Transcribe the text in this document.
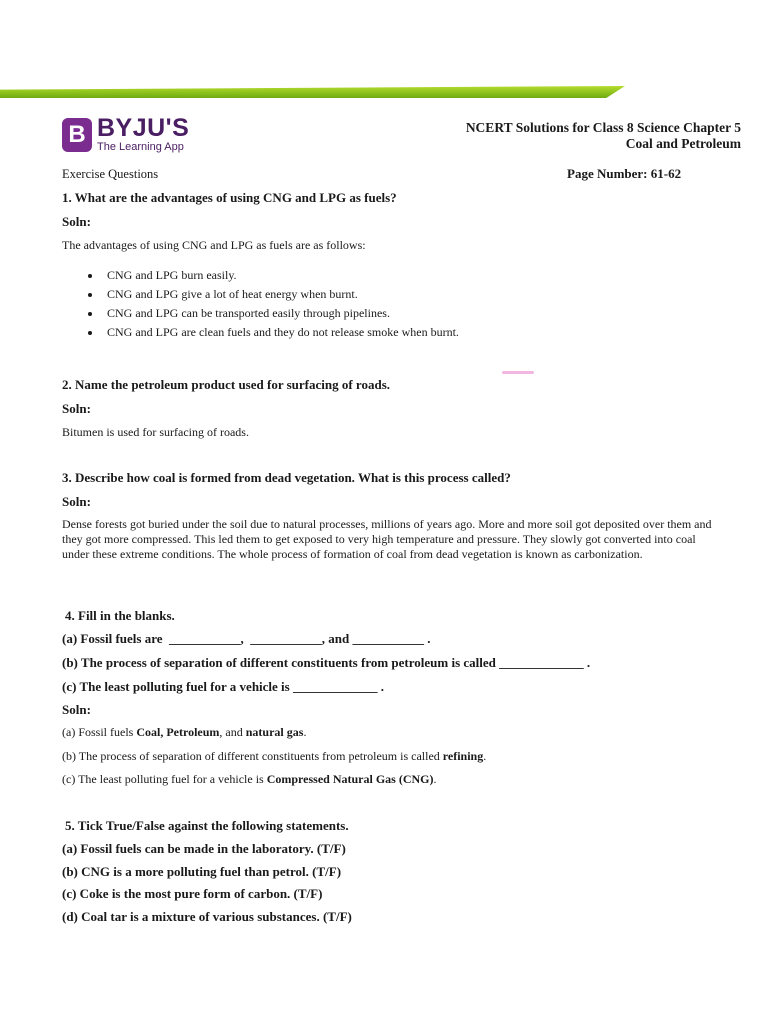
B BYJU'S
The Learning App
NCERT Solutions for Class 8 Science Chapter 5
Coal and Petroleum
Exercise Questions	Page Number: 61-62
1. What are the advantages of using CNG and LPG as fuels?
Soln:
The advantages of using CNG and LPG as fuels are as follows:
CNG and LPG burn easily.
CNG and LPG give a lot of heat energy when burnt.
CNG and LPG can be transported easily through pipelines.
CNG and LPG are clean fuels and they do not release smoke when burnt.
2. Name the petroleum product used for surfacing of roads.
Soln:
Bitumen is used for surfacing of roads.
3. Describe how coal is formed from dead vegetation. What is this process called?
Soln:
Dense forests got buried under the soil due to natural processes, millions of years ago. More and more soil got deposited over them and they got more compressed. This led them to get exposed to very high temperature and pressure. They slowly got converted into coal under these extreme conditions. The whole process of formation of coal from dead vegetation is known as carbonization.
4. Fill in the blanks.
(a) Fossil fuels are  ___________,  ___________, and ___________ .
(b) The process of separation of different constituents from petroleum is called _____________ .
(c) The least polluting fuel for a vehicle is _____________ .
Soln:
(a) Fossil fuels Coal, Petroleum, and natural gas.
(b) The process of separation of different constituents from petroleum is called refining.
(c) The least polluting fuel for a vehicle is Compressed Natural Gas (CNG).
5. Tick True/False against the following statements.
(a) Fossil fuels can be made in the laboratory. (T/F)
(b) CNG is a more polluting fuel than petrol. (T/F)
(c) Coke is the most pure form of carbon. (T/F)
(d) Coal tar is a mixture of various substances. (T/F)
